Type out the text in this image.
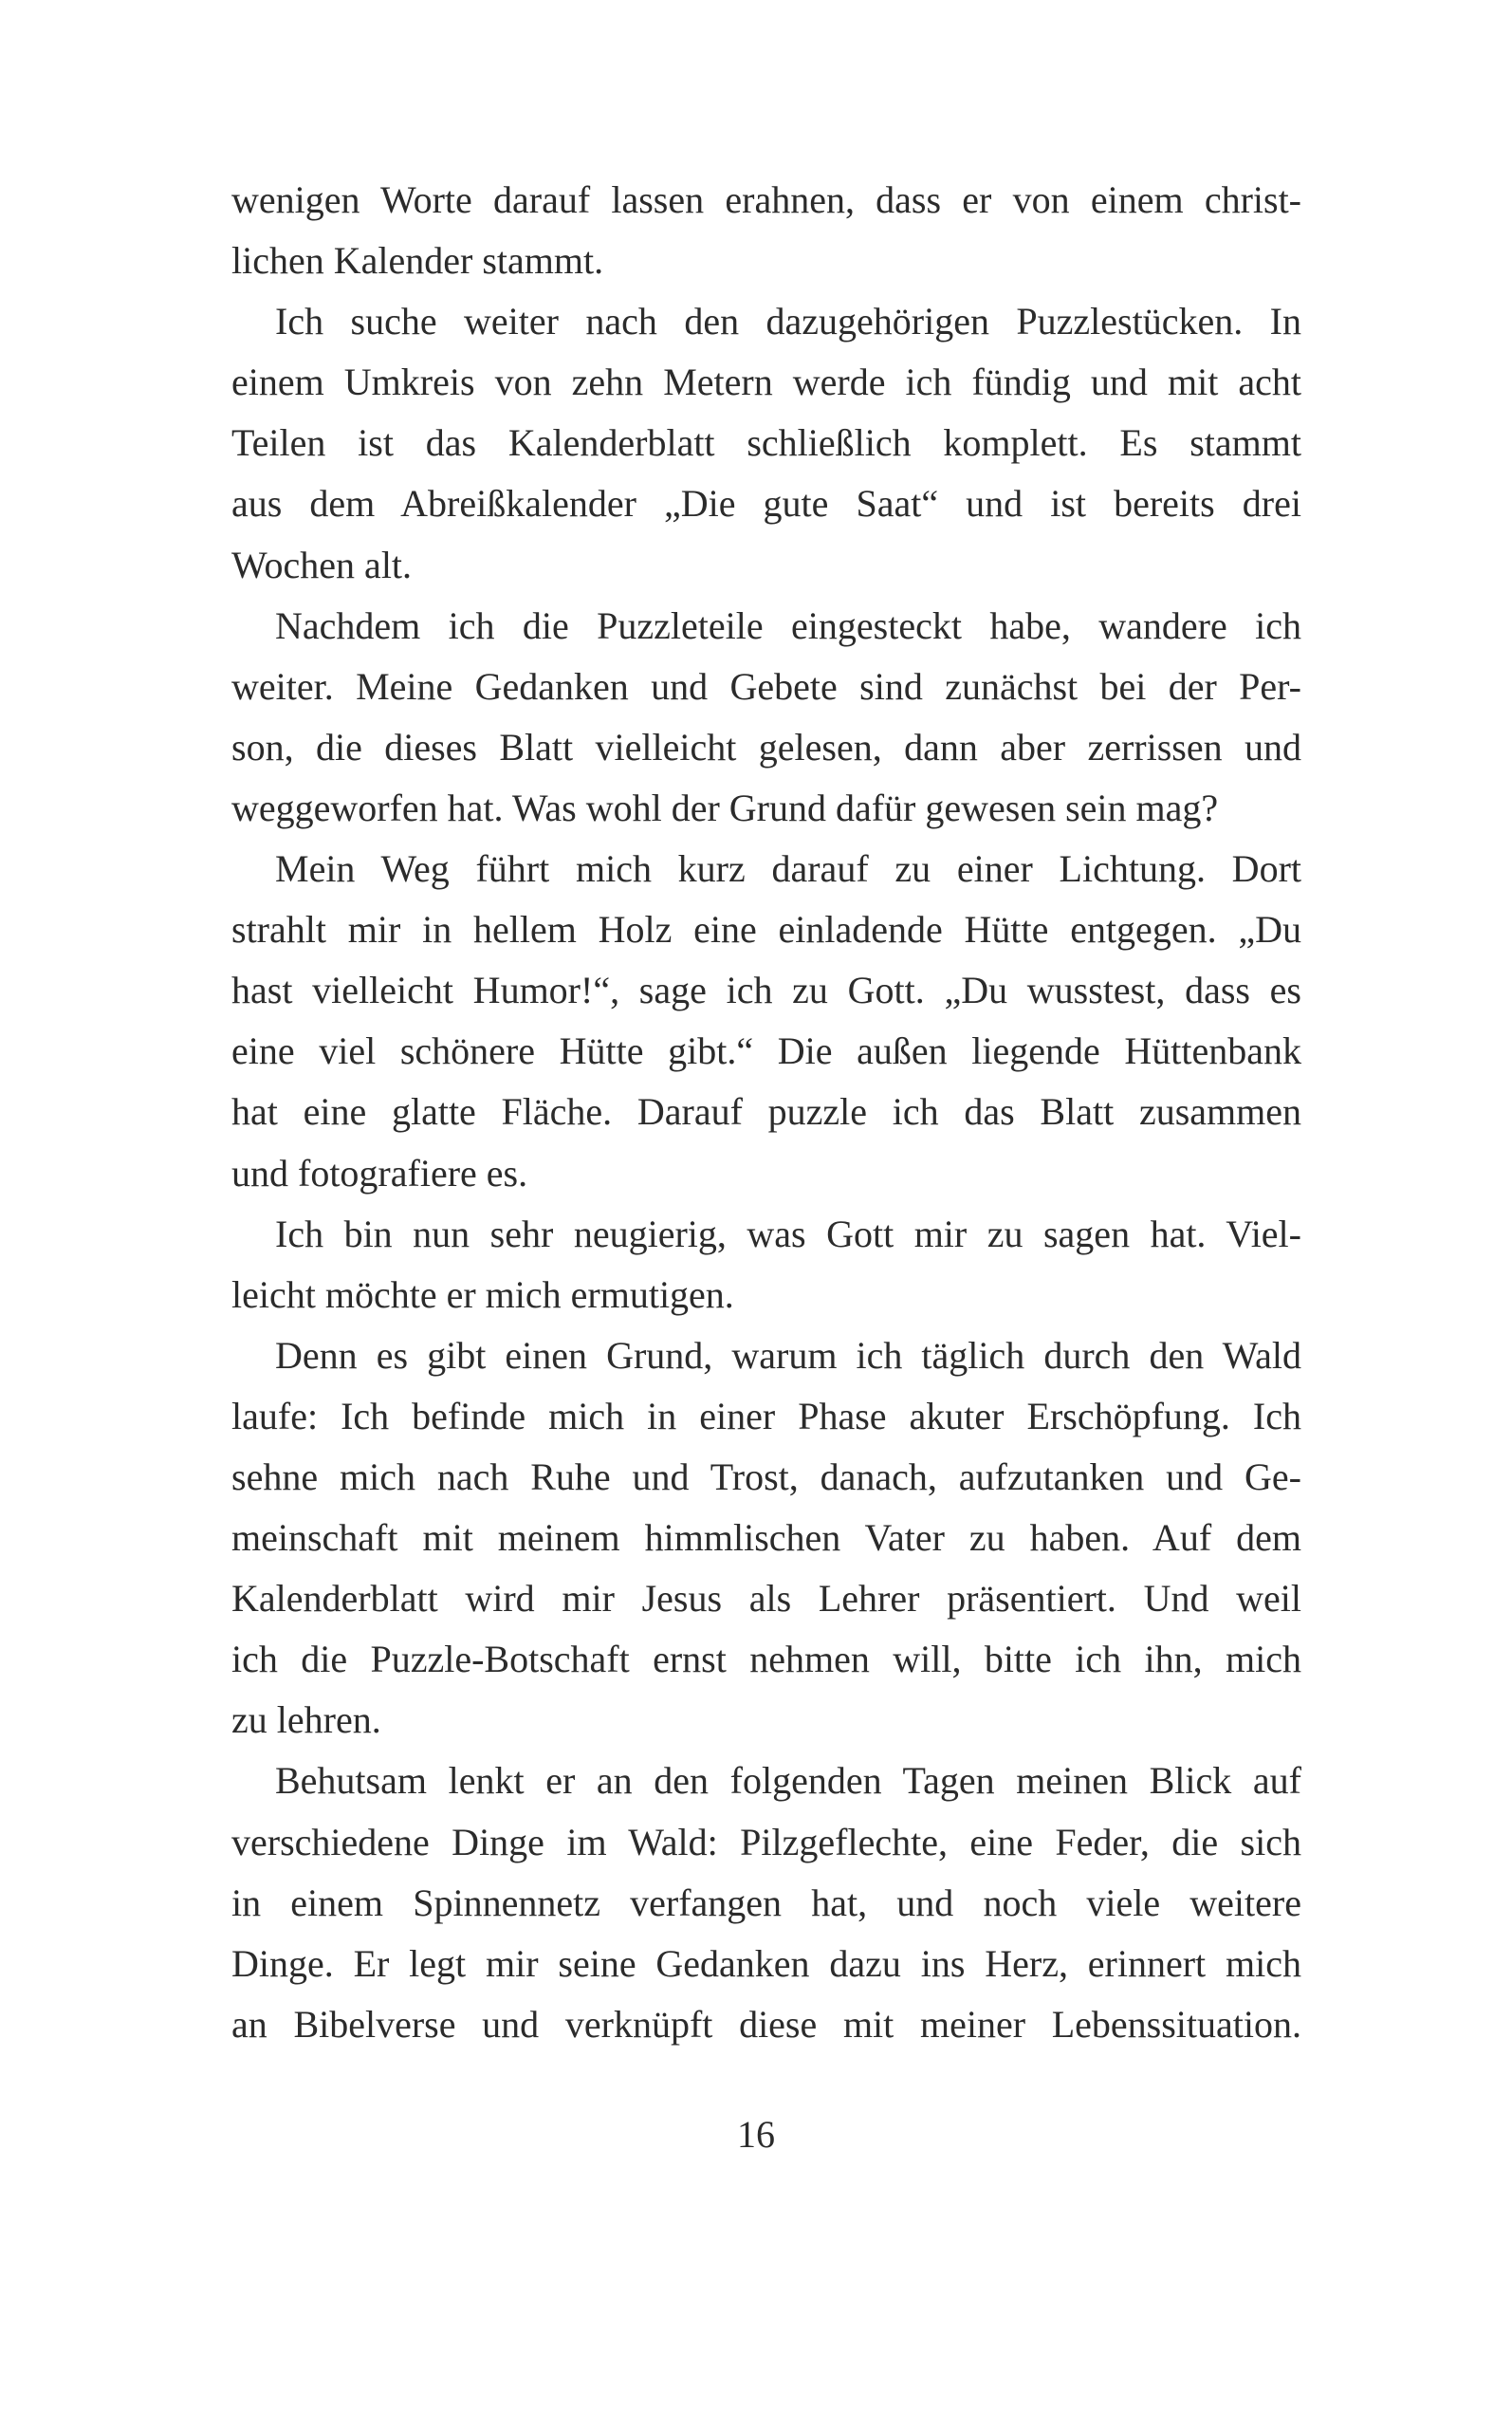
wenigen Worte darauf lassen erahnen, dass er von einem christ-
lichen Kalender stammt.
Ich suche weiter nach den dazugehörigen Puzzlestücken. In
einem Umkreis von zehn Metern werde ich fündig und mit acht
Teilen ist das Kalenderblatt schließlich komplett. Es stammt
aus dem Abreißkalender „Die gute Saat“ und ist bereits drei
Wochen alt.
Nachdem ich die Puzzleteile eingesteckt habe, wandere ich
weiter. Meine Gedanken und Gebete sind zunächst bei der Per-
son, die dieses Blatt vielleicht gelesen, dann aber zerrissen und
weggeworfen hat. Was wohl der Grund dafür gewesen sein mag?
Mein Weg führt mich kurz darauf zu einer Lichtung. Dort
strahlt mir in hellem Holz eine einladende Hütte entgegen. „Du
hast vielleicht Humor!“, sage ich zu Gott. „Du wusstest, dass es
eine viel schönere Hütte gibt.“ Die außen liegende Hüttenbank
hat eine glatte Fläche. Darauf puzzle ich das Blatt zusammen
und fotografiere es.
Ich bin nun sehr neugierig, was Gott mir zu sagen hat. Viel-
leicht möchte er mich ermutigen.
Denn es gibt einen Grund, warum ich täglich durch den Wald
laufe: Ich befinde mich in einer Phase akuter Erschöpfung. Ich
sehne mich nach Ruhe und Trost, danach, aufzutanken und Ge-
meinschaft mit meinem himmlischen Vater zu haben. Auf dem
Kalenderblatt wird mir Jesus als Lehrer präsentiert. Und weil
ich die Puzzle-Botschaft ernst nehmen will, bitte ich ihn, mich
zu lehren.
Behutsam lenkt er an den folgenden Tagen meinen Blick auf
verschiedene Dinge im Wald: Pilzgeflechte, eine Feder, die sich
in einem Spinnennetz verfangen hat, und noch viele weitere
Dinge. Er legt mir seine Gedanken dazu ins Herz, erinnert mich
an Bibelverse und verknüpft diese mit meiner Lebenssituation.
16
